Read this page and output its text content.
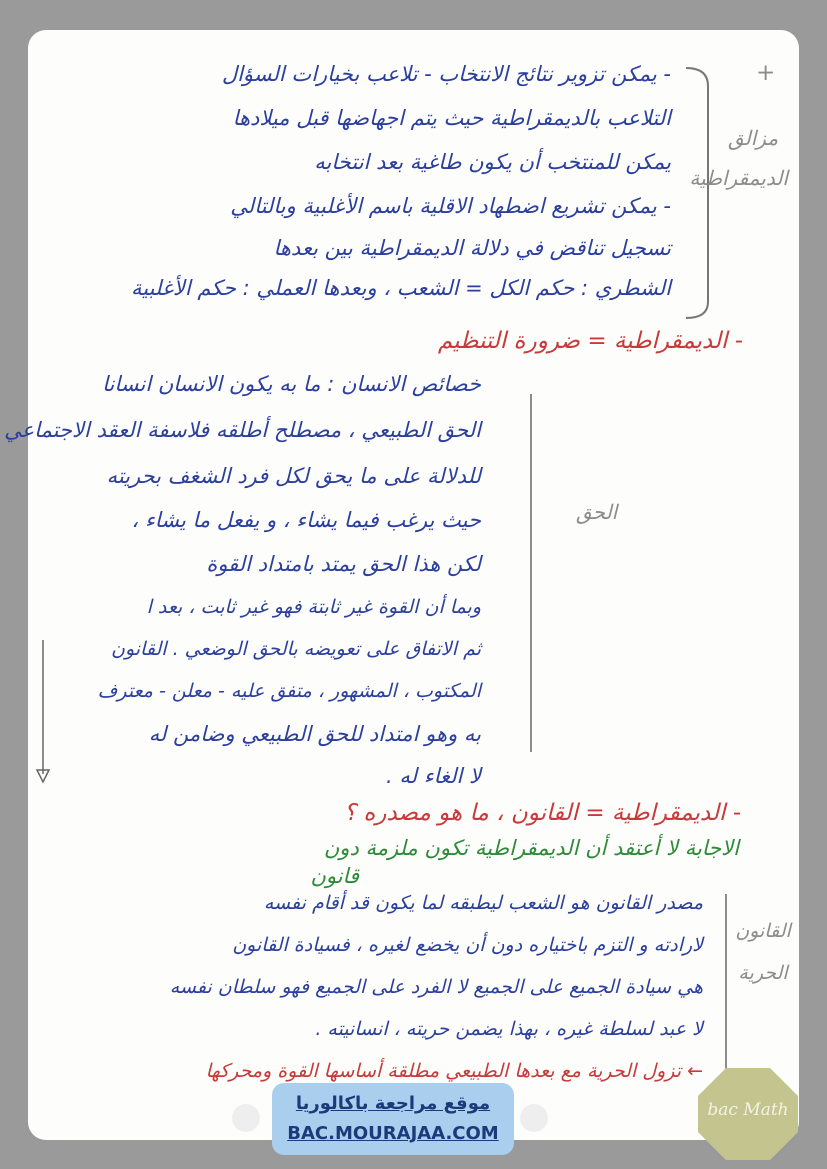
+
مزالق الديمقراطية
- يمكن تزوير نتائج الانتخاب - تلاعب بخيارات السؤال
التلاعب بالديمقراطية حيث يتم اجهاضها قبل ميلادها
يمكن للمنتخب أن يكون طاغية بعد انتخابه
- يمكن تشريع اضطهاد الاقلية باسم الأغلبية وبالتالي
تسجيل تناقض في دلالة الديمقراطية بين بعدها
الشطري : حكم الكل = الشعب ، وبعدها العملي : حكم الأغلبية
- الديمقراطية = ضرورة التنظيم
الحق
خصائص الانسان : ما به يكون الانسان انسانا
الحق الطبيعي ، مصطلح أطلقه فلاسفة العقد الاجتماعي
للدلالة على ما يحق لكل فرد الشغف بحريته
حيث يرغب فيما يشاء ، و يفعل ما يشاء ،
لكن هذا الحق يمتد بامتداد القوة
وبما أن القوة غير ثابتة فهو غير ثابت ، بعد ا
ثم الاتفاق على تعويضه بالحق الوضعي . القانون
المكتوب ، المشهور ، متفق عليه - معلن - معترف
به وهو امتداد للحق الطبيعي وضامن له
لا الغاء له .
- الديمقراطية = القانون ، ما هو مصدره ؟
الاجابة لا أعتقد أن الديمقراطية تكون ملزمة دون
قانون
القانون الحرية
مصدر القانون هو الشعب ليطبقه لما يكون قد أقام نفسه
لارادته و التزم باختياره دون أن يخضع لغيره ، فسيادة القانون
هي سيادة الجميع على الجميع لا الفرد على الجميع فهو سلطان نفسه
لا عبد لسلطة غيره ، بهذا يضمن حريته ، انسانيته .
← تزول الحرية مع بعدها الطبيعي مطلقة أساسها القوة ومحركها
موقع مراجعة باكالوريا
BAC.MOURAJAA.COM
bac Math
